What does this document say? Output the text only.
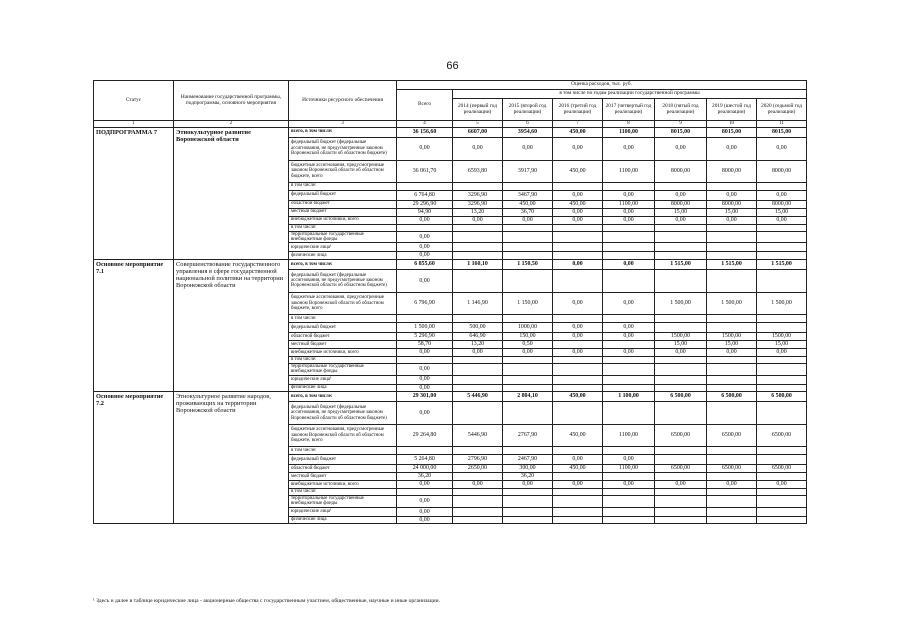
66
Статус	Наименование государственной программы, подпрограммы, основного мероприятия	Источники ресурсного обеспечения	Оценка расходов, тыс. руб.							
			Всего	в том числе по годам реализации государственной программы						
				2014 (первый год реализации)	2015 (второй год реализации)	2016 (третий год реализации)	2017 (четвертый год реализации)	2018 (пятый год реализации)	2019 (шестой год реализации)	2020 (седьмой год реализации)
1	2	3	4	5	6	7	8	9	10	11
ПОДПРОГРАММА 7	Этнокультурное развитие Воронежской области	всего, в том числе:	36 156,60	6607,00	3954,60	450,00	1100,00	8015,00	8015,00	8015,00
		федеральный бюджет (федеральные ассигнования, не предусмотренные законом Воронежской области об областном бюджете)	0,00	0,00	0,00	0,00	0,00	0,00	0,00	0,00
		бюджетные ассигнования, предусмотренные законом Воронежской области об областном бюджете, всего	36 061,70	6593,80	3917,90	450,00	1100,00	8000,00	8000,00	8000,00
		в том числе:								
		федеральный бюджет	6 764,80	3296,90	3467,90	0,00	0,00	0,00	0,00	0,00
		областной бюджет	29 296,90	3296,90	450,00	450,00	1100,00	8000,00	8000,00	8000,00
		местный бюджет	94,90	13,20	36,70	0,00	0,00	15,00	15,00	15,00
		внебюджетные источники, всего	0,00	0,00	0,00	0,00	0,00	0,00	0,00	0,00
		в том числе:								
		территориальные государственные внебюджетные фонды	0,00							
		юридические лица¹	0,00							
		физические лица	0,00							
Основное мероприятие 7.1	Совершенствование государственного управления в сфере государственной национальной политики на территории Воронежской области	всего, в том числе:	6 855,60	1 160,10	1 150,50	0,00	0,00	1 515,00	1 515,00	1 515,00
		федеральный бюджет (федеральные ассигнования, не предусмотренные законом Воронежской области об областном бюджете)	0,00							
		бюджетные ассигнования, предусмотренные законом Воронежской области об областном бюджете, всего	6 796,90	1 146,90	1 150,00	0,00	0,00	1 500,00	1 500,00	1 500,00
		в том числе:								
		федеральный бюджет	1 500,00	500,00	1000,00	0,00	0,00			
		областной бюджет	5 296,90	646,90	150,00	0,00	0,00	1500,00	1500,00	1500,00
		местный бюджет	58,70	13,20	0,50			15,00	15,00	15,00
		внебюджетные источники, всего	0,00	0,00	0,00	0,00	0,00	0,00	0,00	0,00
		в том числе:								
		территориальные государственные внебюджетные фонды	0,00							
		юридические лица¹	0,00							
		физические лица	0,00							
Основное мероприятие 7.2	Этнокультурное развитие народов, проживающих на территории Воронежской области	всего, в том числе:	29 301,00	5 446,90	2 804,10	450,00	1 100,00	6 500,00	6 500,00	6 500,00
		федеральный бюджет (федеральные ассигнования, не предусмотренные законом Воронежской области об областном бюджете)	0,00							
		бюджетные ассигнования, предусмотренные законом Воронежской области об областном бюджете, всего	29 264,80	5446,90	2767,90	450,00	1100,00	6500,00	6500,00	6500,00
		в том числе:								
		федеральный бюджет	5 264,80	2796,90	2467,90	0,00	0,00			
		областной бюджет	24 000,00	2650,00	300,00	450,00	1100,00	6500,00	6500,00	6500,00
		местный бюджет	36,20		36,20					
		внебюджетные источники, всего	0,00	0,00	0,00	0,00	0,00	0,00	0,00	0,00
		в том числе:								
		территориальные государственные внебюджетные фонды	0,00							
		юридические лица¹	0,00							
		физические лица	0,00							
¹ Здесь и далее в таблице юридические лица - акционерные общества с государственным участием, общественные, научные и иные организации.
